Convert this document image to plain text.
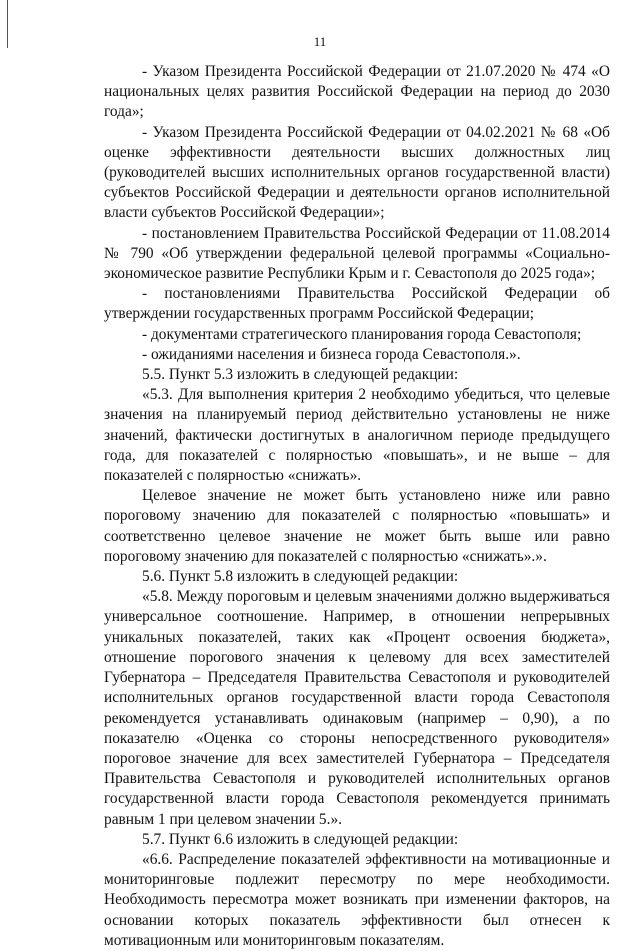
11

- Указом Президента Российской Федерации от 21.07.2020 № 474 «О национальных целях развития Российской Федерации на период до 2030 года»;

- Указом Президента Российской Федерации от 04.02.2021 № 68 «Об оценке эффективности деятельности высших должностных лиц (руководителей высших исполнительных органов государственной власти) субъектов Российской Федерации и деятельности органов исполнительной власти субъектов Российской Федерации»;

- постановлением Правительства Российской Федерации от 11.08.2014 № 790 «Об утверждении федеральной целевой программы «Социально-экономическое развитие Республики Крым и г. Севастополя до 2025 года»;

- постановлениями Правительства Российской Федерации об утверждении государственных программ Российской Федерации;

- документами стратегического планирования города Севастополя;

- ожиданиями населения и бизнеса города Севастополя.».

5.5. Пункт 5.3 изложить в следующей редакции:

«5.3. Для выполнения критерия 2 необходимо убедиться, что целевые значения на планируемый период действительно установлены не ниже значений, фактически достигнутых в аналогичном периоде предыдущего года, для показателей с полярностью «повышать», и не выше – для показателей с полярностью «снижать».

Целевое значение не может быть установлено ниже или равно пороговому значению для показателей с полярностью «повышать» и соответственно целевое значение не может быть выше или равно пороговому значению для показателей с полярностью «снижать».».

5.6. Пункт 5.8 изложить в следующей редакции:

«5.8. Между пороговым и целевым значениями должно выдерживаться универсальное соотношение. Например, в отношении непрерывных уникальных показателей, таких как «Процент освоения бюджета», отношение порогового значения к целевому для всех заместителей Губернатора – Председателя Правительства Севастополя и руководителей исполнительных органов государственной власти города Севастополя рекомендуется устанавливать одинаковым (например – 0,90), а по показателю «Оценка со стороны непосредственного руководителя» пороговое значение для всех заместителей Губернатора – Председателя Правительства Севастополя и руководителей исполнительных органов государственной власти города Севастополя рекомендуется принимать равным 1 при целевом значении 5.».

5.7. Пункт 6.6 изложить в следующей редакции:

«6.6. Распределение показателей эффективности на мотивационные и мониторинговые подлежит пересмотру по мере необходимости. Необходимость пересмотра может возникать при изменении факторов, на основании которых показатель эффективности был отнесен к мотивационным или мониторинговым показателям.
